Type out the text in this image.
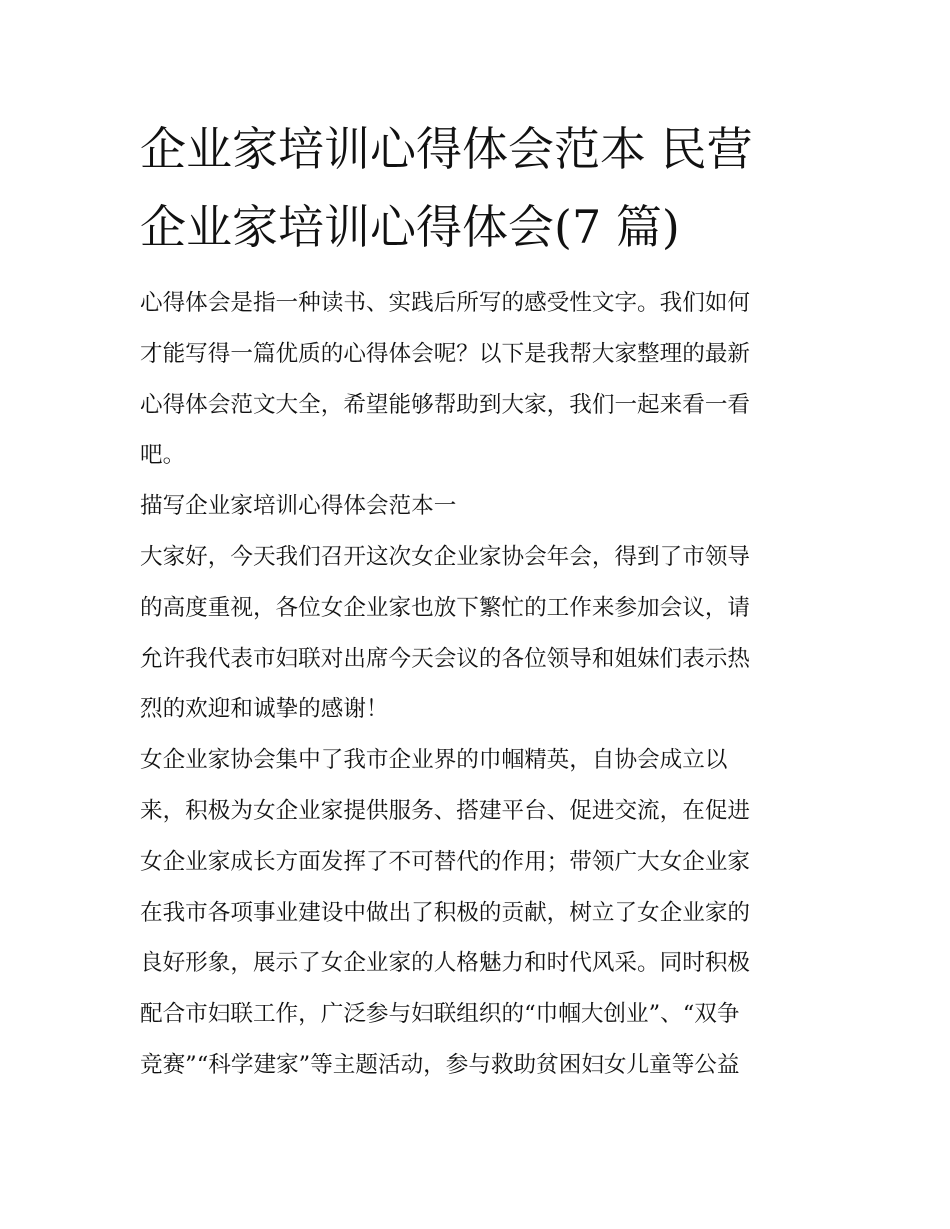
企业家培训心得体会范本 民营
企业家培训心得体会(7 篇)

心得体会是指一种读书、实践后所写的感受性文字。我们如何
才能写得一篇优质的心得体会呢？以下是我帮大家整理的最新
心得体会范文大全，希望能够帮助到大家，我们一起来看一看
吧。

描写企业家培训心得体会范本一

大家好，今天我们召开这次女企业家协会年会，得到了市领导
的高度重视，各位女企业家也放下繁忙的工作来参加会议，请
允许我代表市妇联对出席今天会议的各位领导和姐妹们表示热
烈的欢迎和诚挚的感谢！

女企业家协会集中了我市企业界的巾帼精英，自协会成立以
来，积极为女企业家提供服务、搭建平台、促进交流，在促进
女企业家成长方面发挥了不可替代的作用；带领广大女企业家
在我市各项事业建设中做出了积极的贡献，树立了女企业家的
良好形象，展示了女企业家的人格魅力和时代风采。同时积极
配合市妇联工作，广泛参与妇联组织的“巾帼大创业”、“双争
竞赛”“科学建家”等主题活动，参与救助贫困妇女儿童等公益
